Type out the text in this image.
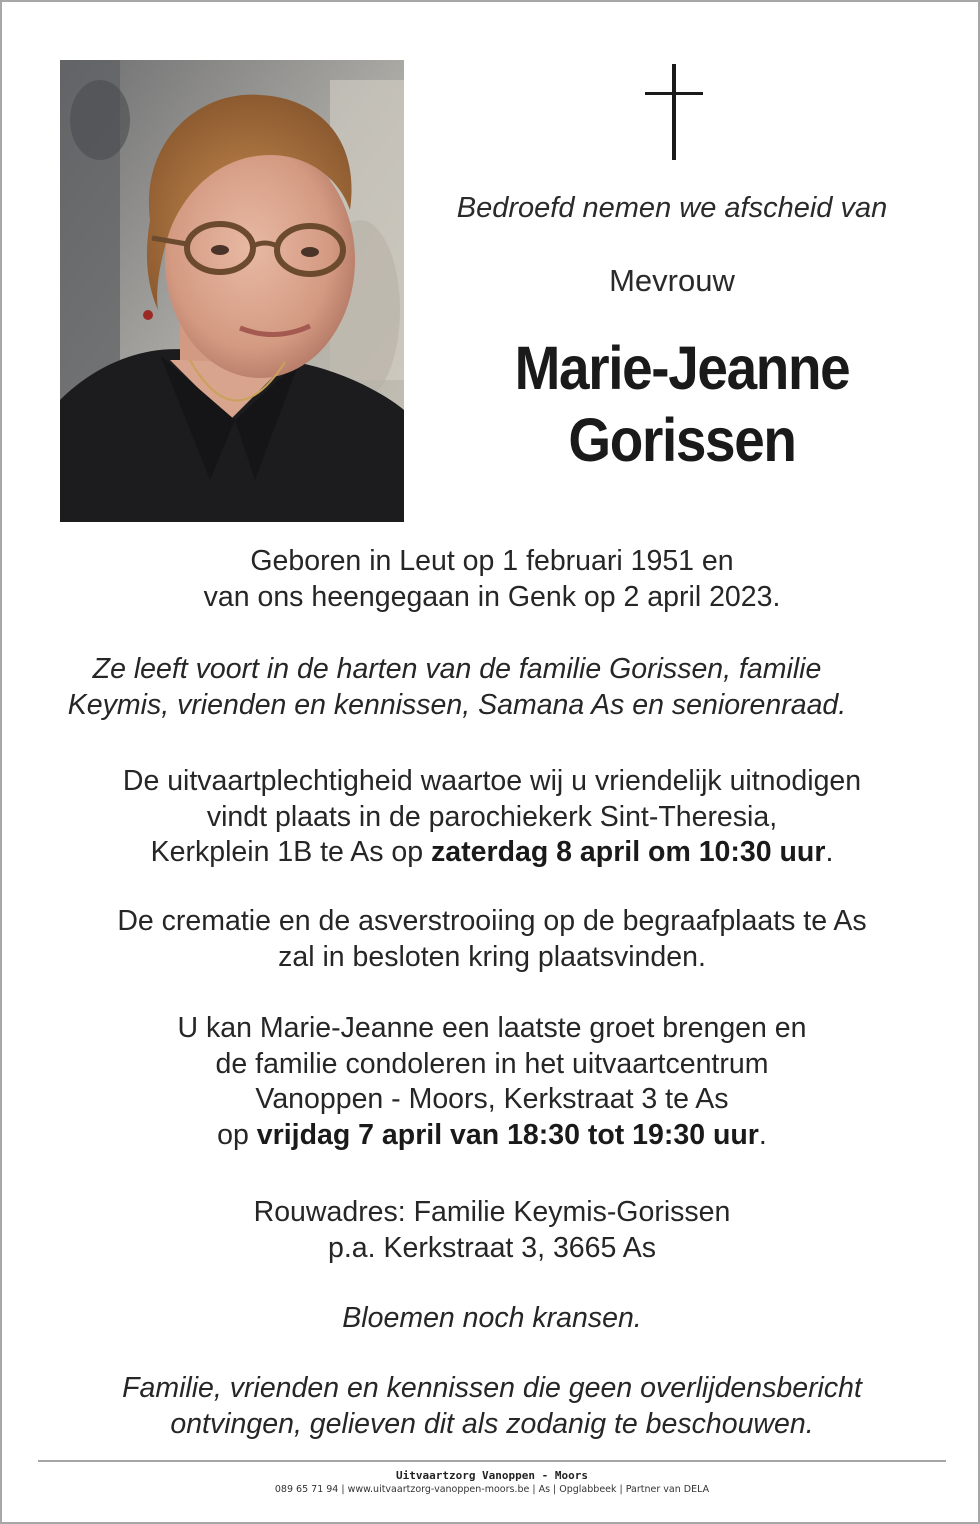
Bedroefd nemen we afscheid van
Mevrouw
Marie-Jeanne
Gorissen
Geboren in Leut op 1 februari 1951 en
van ons heengegaan in Genk op 2 april 2023.
Ze leeft voort in de harten van de familie Gorissen, familie
Keymis, vrienden en kennissen, Samana As en seniorenraad.
De uitvaartplechtigheid waartoe wij u vriendelijk uitnodigen
vindt plaats in de parochiekerk Sint-Theresia,
Kerkplein 1B te As op zaterdag 8 april om 10:30 uur.
De crematie en de asverstrooiing op de begraafplaats te As
zal in besloten kring plaatsvinden.
U kan Marie-Jeanne een laatste groet brengen en
de familie condoleren in het uitvaartcentrum
Vanoppen - Moors, Kerkstraat 3 te As
op vrijdag 7 april van 18:30 tot 19:30 uur.
Rouwadres: Familie Keymis-Gorissen
p.a. Kerkstraat 3, 3665 As
Bloemen noch kransen.
Familie, vrienden en kennissen die geen overlijdensbericht
ontvingen, gelieven dit als zodanig te beschouwen.
Uitvaartzorg Vanoppen - Moors
089 65 71 94 | www.uitvaartzorg-vanoppen-moors.be | As | Opglabbeek | Partner van DELA
